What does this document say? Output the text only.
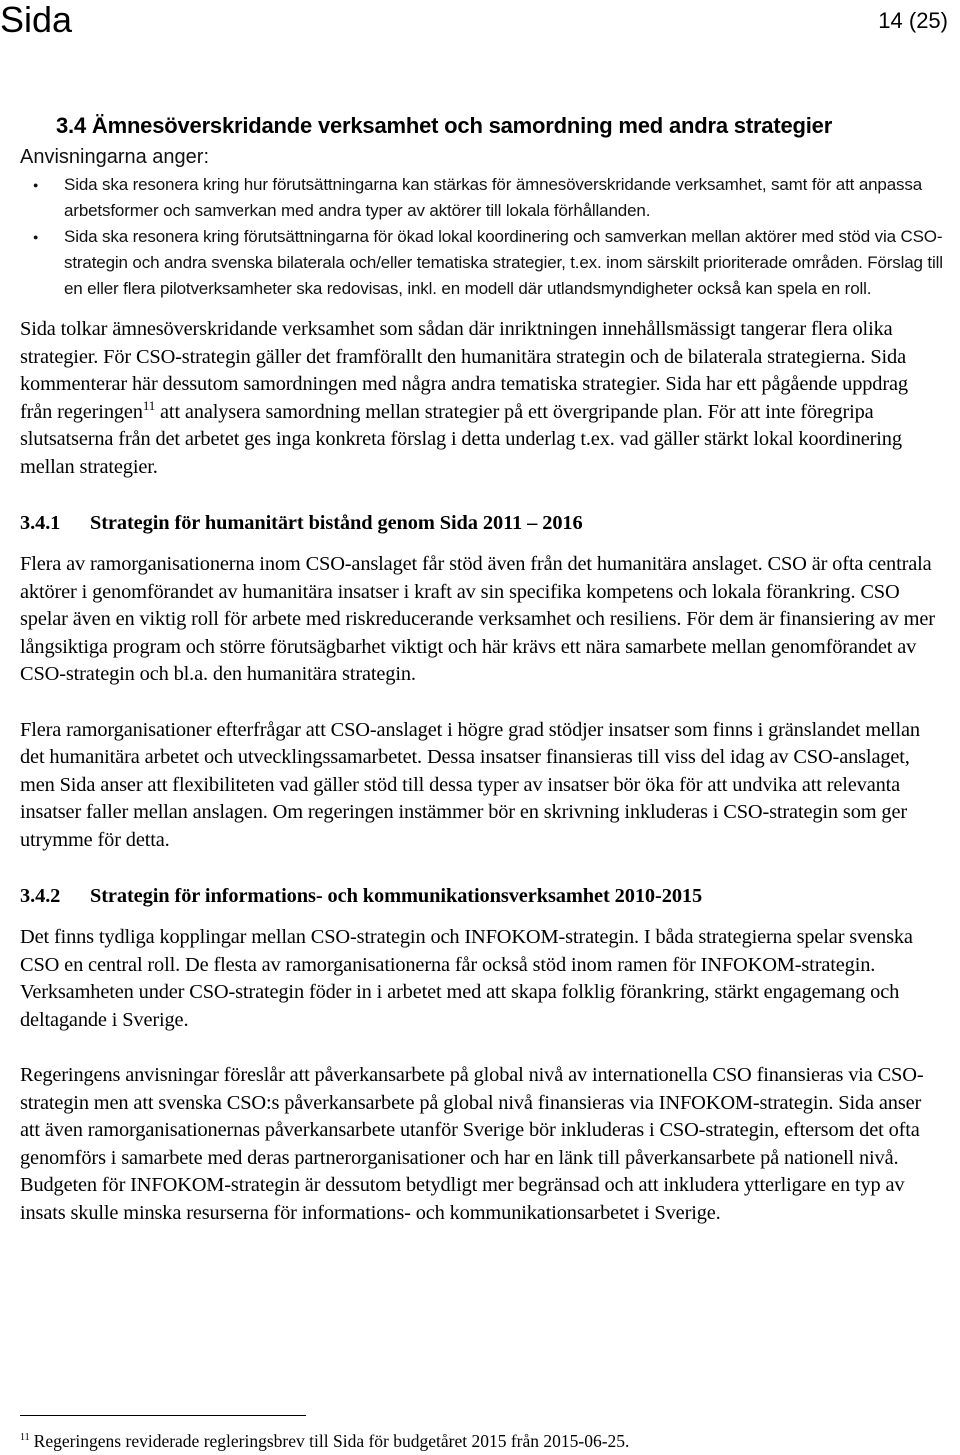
Sida	14 (25)
3.4 Ämnesöverskridande verksamhet och samordning med andra strategier

Anvisningarna anger:

● Sida ska resonera kring hur förutsättningarna kan stärkas för ämnesöverskridande verksamhet, samt för att anpassa arbetsformer och samverkan med andra typer av aktörer till lokala förhållanden.
● Sida ska resonera kring förutsättningarna för ökad lokal koordinering och samverkan mellan aktörer med stöd via CSO-strategin och andra svenska bilaterala och/eller tematiska strategier, t.ex. inom särskilt prioriterade områden. Förslag till en eller flera pilotverksamheter ska redovisas, inkl. en modell där utlandsmyndigheter också kan spela en roll.

Sida tolkar ämnesöverskridande verksamhet som sådan där inriktningen innehållsmässigt tangerar flera olika strategier. För CSO-strategin gäller det framförallt den humanitära strategin och de bilaterala strategierna. Sida kommenterar här dessutom samordningen med några andra tematiska strategier. Sida har ett pågående uppdrag från regeringen$^{11}$ att analysera samordning mellan strategier på ett övergripande plan. För att inte föregripa slutsatserna från det arbetet ges inga konkreta förslag i detta underlag t.ex. vad gäller stärkt lokal koordinering mellan strategier.

3.4.1 Strategin för humanitärt bistånd genom Sida 2011 – 2016

Flera av ramorganisationerna inom CSO-anslaget får stöd även från det humanitära anslaget. CSO är ofta centrala aktörer i genomförandet av humanitära insatser i kraft av sin specifika kompetens och lokala förankring. CSO spelar även en viktig roll för arbete med riskreducerande verksamhet och resiliens. För dem är finansiering av mer långsiktiga program och större förutsägbarhet viktigt och här krävs ett nära samarbete mellan genomförandet av CSO-strategin och bl.a. den humanitära strategin.

Flera ramorganisationer efterfrågar att CSO-anslaget i högre grad stödjer insatser som finns i gränslandet mellan det humanitära arbetet och utvecklingssamarbetet. Dessa insatser finansieras till viss del idag av CSO-anslaget, men Sida anser att flexibiliteten vad gäller stöd till dessa typer av insatser bör öka för att undvika att relevanta insatser faller mellan anslagen. Om regeringen instämmer bör en skrivning inkluderas i CSO-strategin som ger utrymme för detta.

3.4.2 Strategin för informations- och kommunikationsverksamhet 2010-2015

Det finns tydliga kopplingar mellan CSO-strategin och INFOKOM-strategin. I båda strategierna spelar svenska CSO en central roll. De flesta av ramorganisationerna får också stöd inom ramen för INFOKOM-strategin. Verksamheten under CSO-strategin föder in i arbetet med att skapa folklig förankring, stärkt engagemang och deltagande i Sverige.

Regeringens anvisningar föreslår att påverkansarbete på global nivå av internationella CSO finansieras via CSO-strategin men att svenska CSO:s påverkansarbete på global nivå finansieras via INFOKOM-strategin. Sida anser att även ramorganisationernas påverkansarbete utanför Sverige bör inkluderas i CSO-strategin, eftersom det ofta genomförs i samarbete med deras partnerorganisationer och har en länk till påverkansarbete på nationell nivå. Budgeten för INFOKOM-strategin är dessutom betydligt mer begränsad och att inkludera ytterligare en typ av insats skulle minska resurserna för informations- och kommunikationsarbetet i Sverige.

$^{11}$ Regeringens reviderade regleringsbrev till Sida för budgetåret 2015 från 2015-06-25.
